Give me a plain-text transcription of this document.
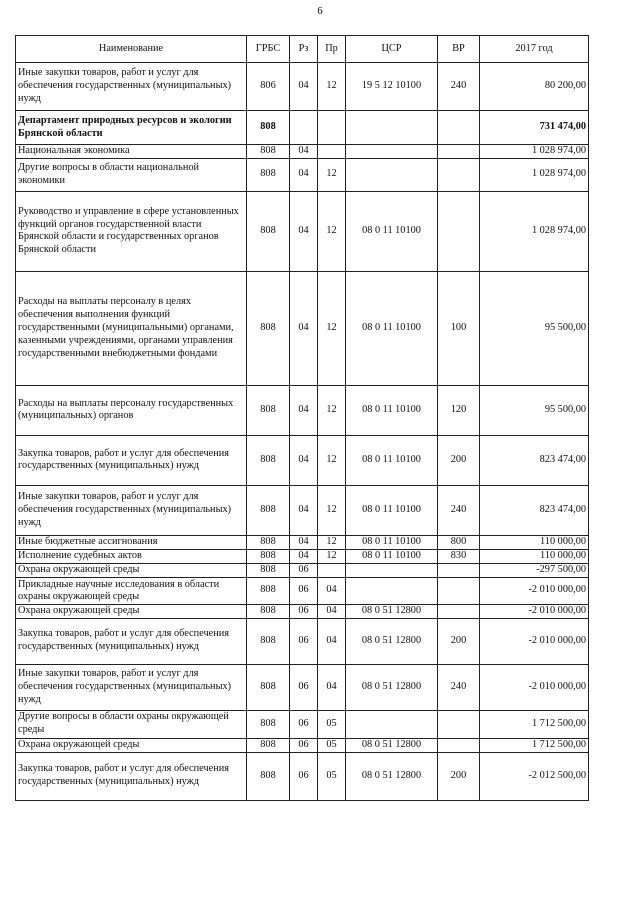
6
Наименование	ГРБС	Рз	Пр	ЦСР	ВР	2017 год
Иные закупки товаров, работ и услуг для обеспечения государственных (муниципальных) нужд	806	04	12	19 5 12 10100	240	80 200,00
Департамент природных ресурсов и экологии Брянской области	808					731 474,00
Национальная экономика	808	04				1 028 974,00
Другие вопросы в области национальной экономики	808	04	12			1 028 974,00
Руководство и управление в сфере установленных функций органов государственной власти Брянской области и государственных органов Брянской области	808	04	12	08 0 11 10100		1 028 974,00
Расходы на выплаты персоналу в целях обеспечения выполнения функций государственными (муниципальными) органами, казенными учреждениями, органами управления государственными внебюджетными фондами	808	04	12	08 0 11 10100	100	95 500,00
Расходы на выплаты персоналу государственных (муниципальных) органов	808	04	12	08 0 11 10100	120	95 500,00
Закупка товаров, работ и услуг для обеспечения государственных (муниципальных) нужд	808	04	12	08 0 11 10100	200	823 474,00
Иные закупки товаров, работ и услуг для обеспечения государственных (муниципальных) нужд	808	04	12	08 0 11 10100	240	823 474,00
Иные бюджетные ассигнования	808	04	12	08 0 11 10100	800	110 000,00
Исполнение судебных актов	808	04	12	08 0 11 10100	830	110 000,00
Охрана окружающей среды	808	06				-297 500,00
Прикладные научные исследования в области охраны окружающей среды	808	06	04			-2 010 000,00
Охрана окружающей среды	808	06	04	08 0 51 12800		-2 010 000,00
Закупка товаров, работ и услуг для обеспечения государственных (муниципальных) нужд	808	06	04	08 0 51 12800	200	-2 010 000,00
Иные закупки товаров, работ и услуг для обеспечения государственных (муниципальных) нужд	808	06	04	08 0 51 12800	240	-2 010 000,00
Другие вопросы в области охраны окружающей среды	808	06	05			1 712 500,00
Охрана окружающей среды	808	06	05	08 0 51 12800		1 712 500,00
Закупка товаров, работ и услуг для обеспечения государственных (муниципальных) нужд	808	06	05	08 0 51 12800	200	-2 012 500,00
